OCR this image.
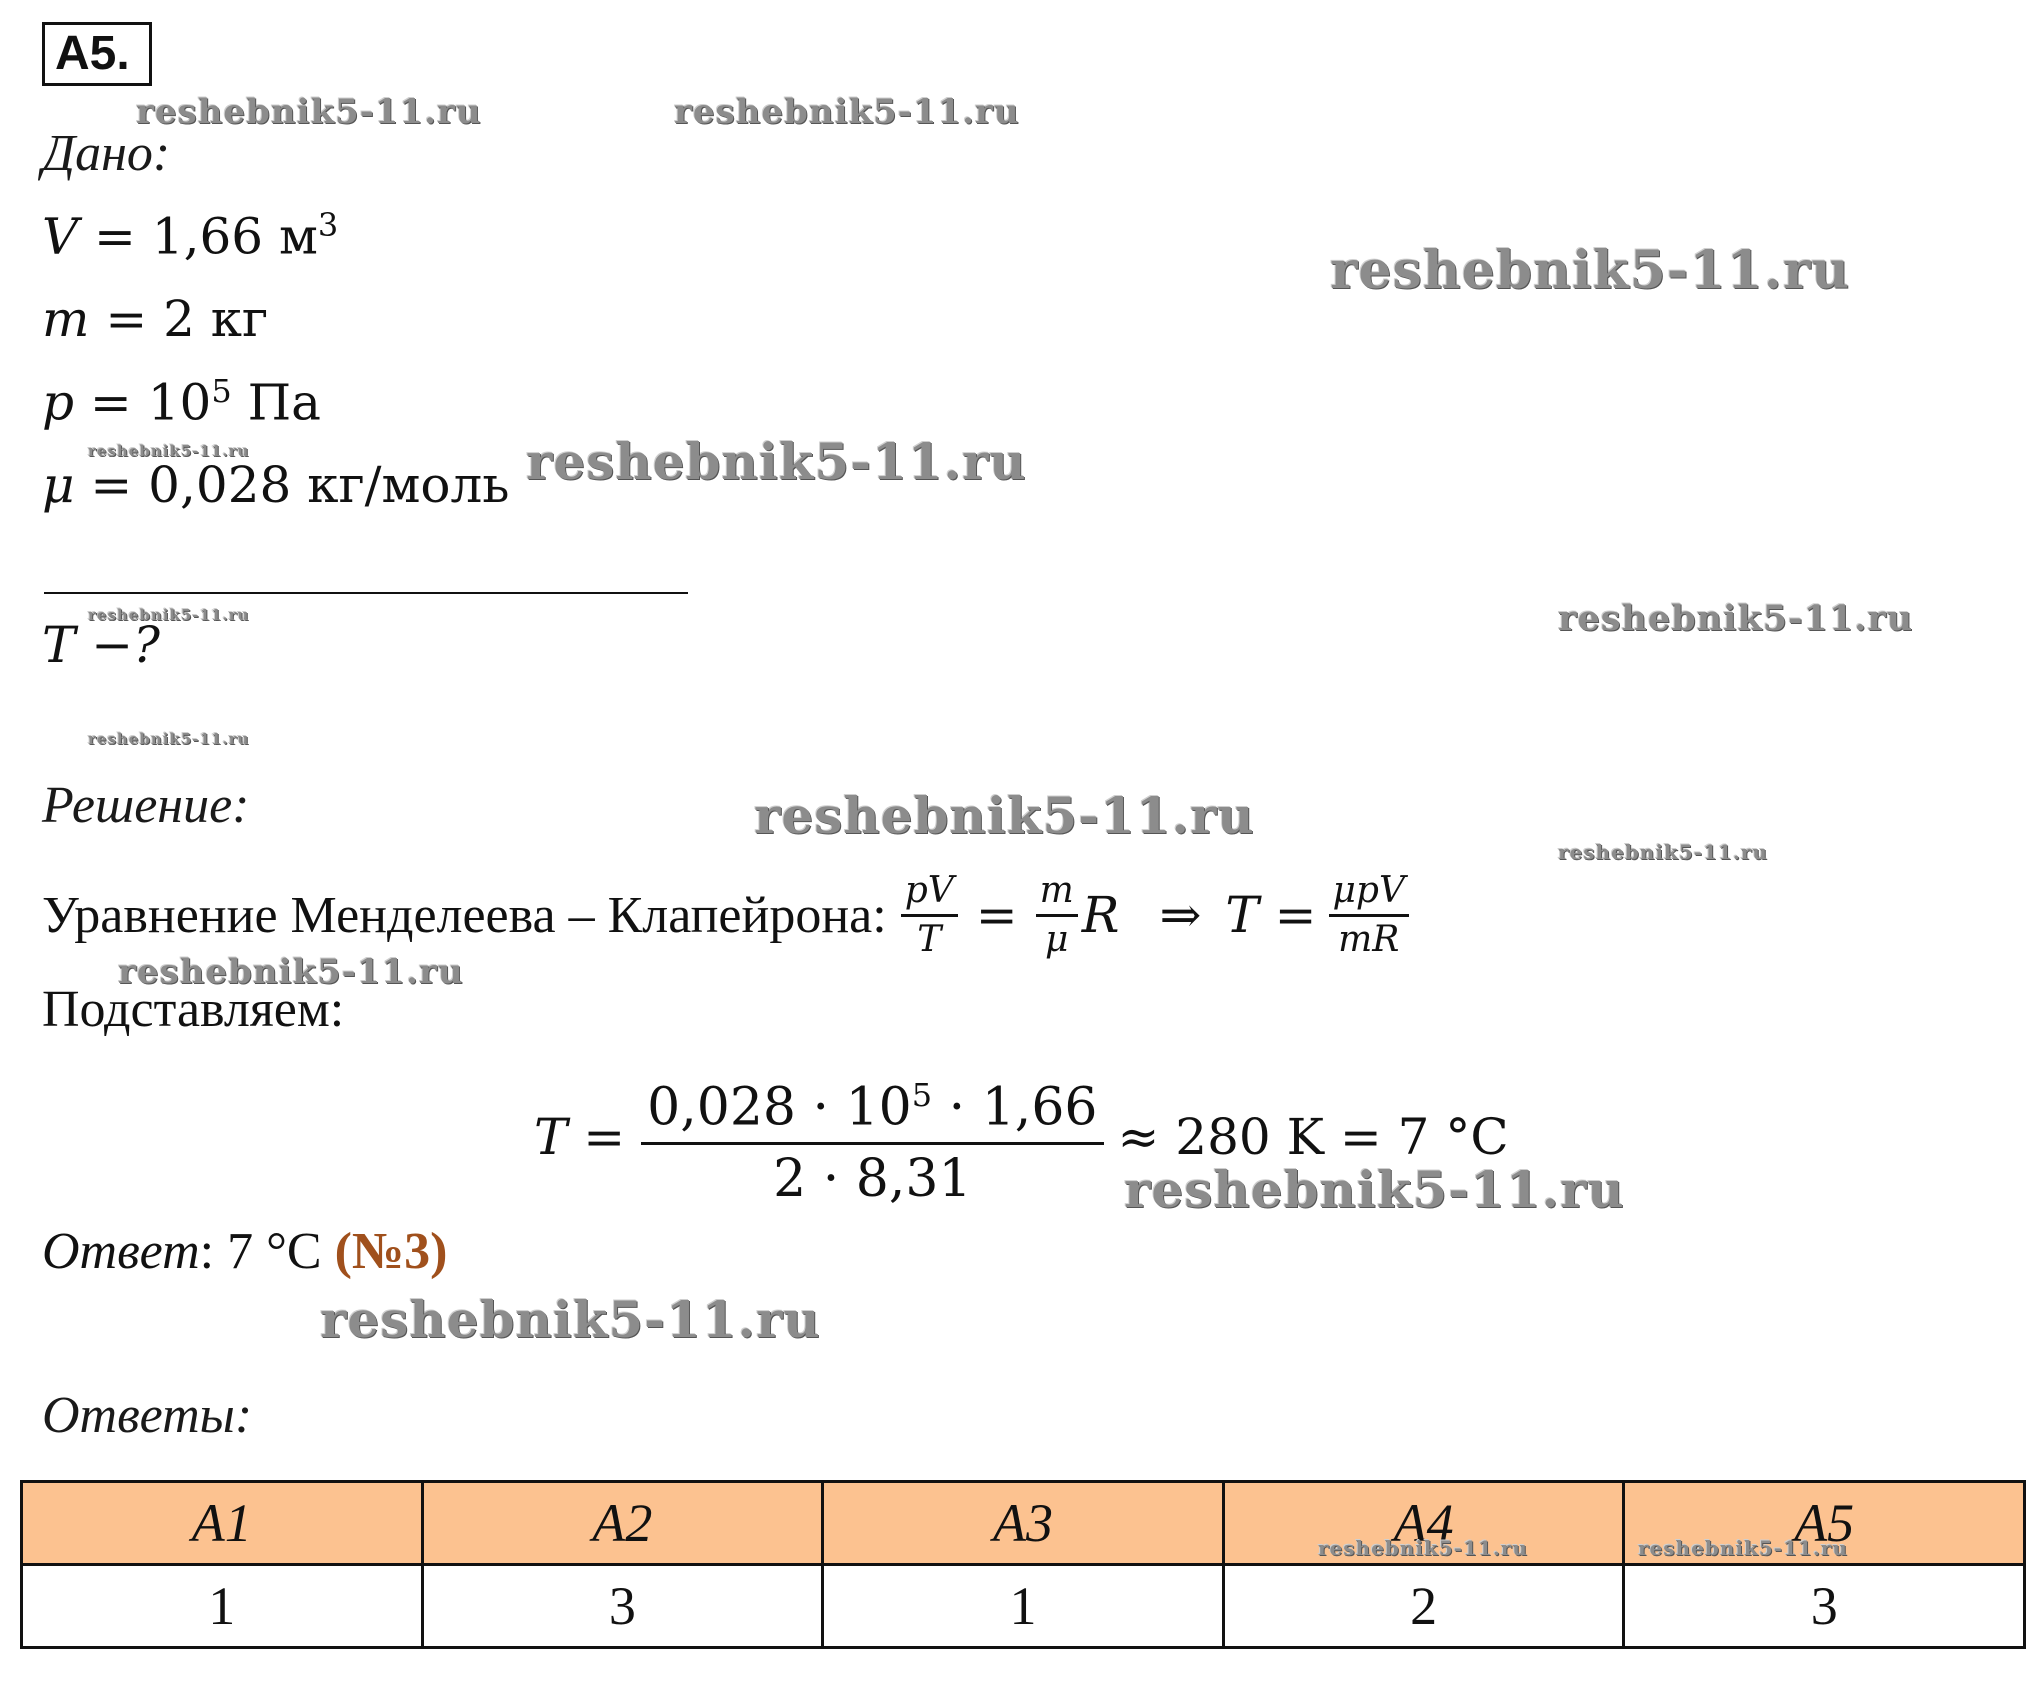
A5.
Дано:
V = 1,66 $м^3$
m = 2 кг
$p = 10^5$ Па
μ = 0,028 кг/моль
T −?
Решение:
Уравнение Менделеева – Клапейрона: $\frac{pV}{T} = \frac{m}{\mu}$ R ⇒ $T = \frac{\text{μpV}}{mR}$
Подставляем:
$T = \frac{0,028 \cdot 10^5 \cdot 1,66}{2 \cdot 8,31} \approx 280$ K = 7 °C
Ответ: 7 °C (№3)
Ответы:
A1	A2	A3	A4	A5
1	3	1	2	3
reshebnik5-11.ru	reshebnik5-11.ru
reshebnik5-11.ru
reshebnik5-11.ru	reshebnik5-11.ru
reshebnik5-11.ru	reshebnik5-11.ru
reshebnik5-11.ru
reshebnik5-11.ru
reshebnik5-11.ru
reshebnik5-11.ru
reshebnik5-11.ru
reshebnik5-11.ru
reshebnik5-11.ru	reshebnik5-11.ru
